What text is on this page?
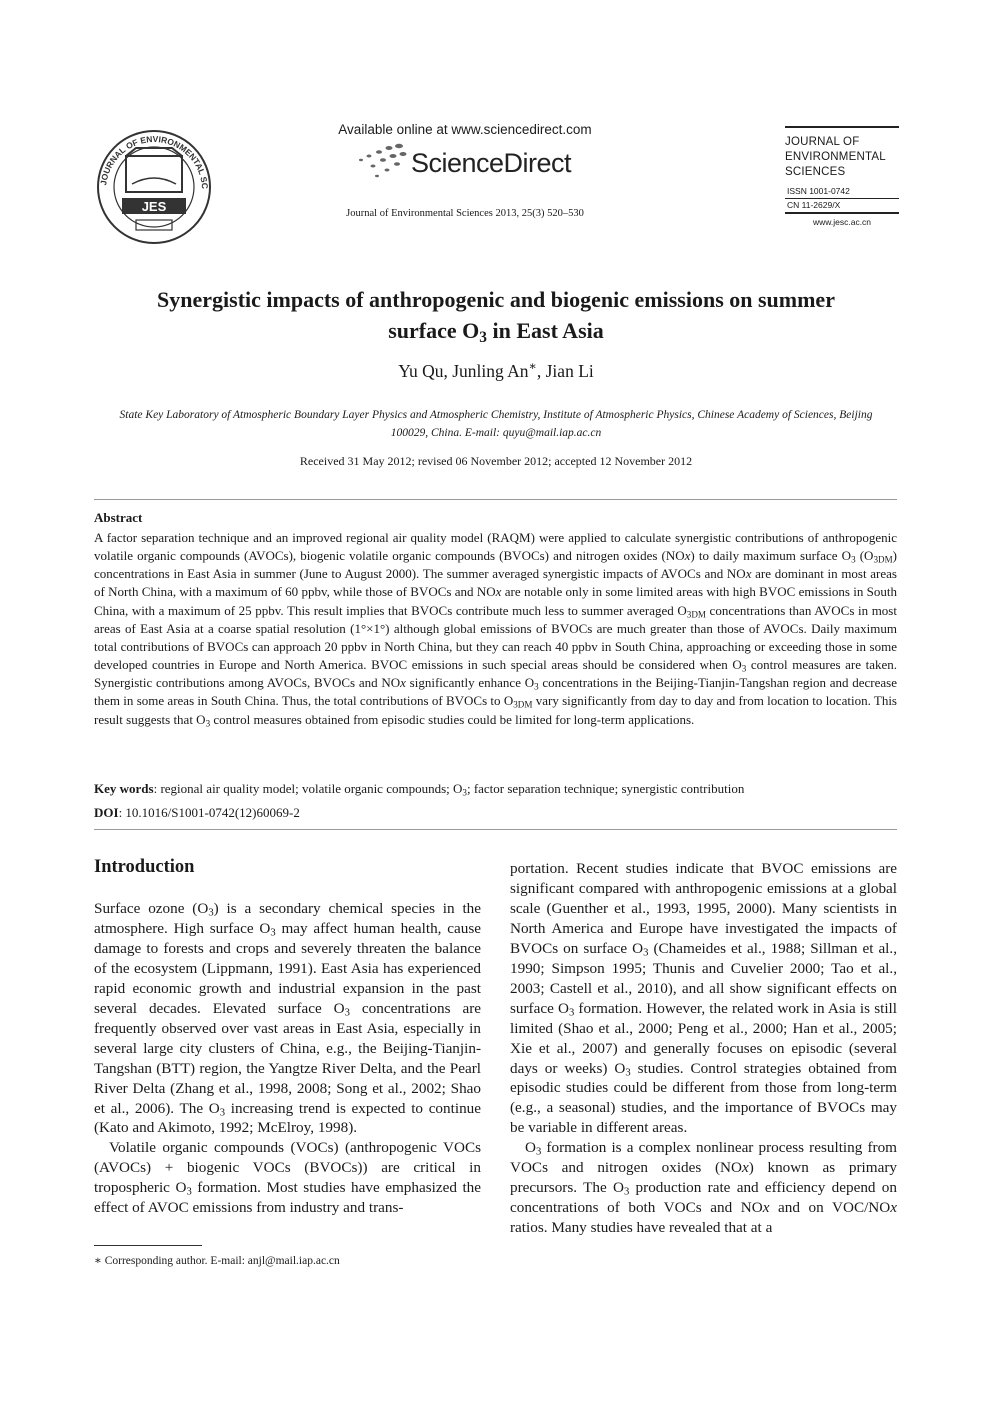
JOURNAL OF ENVIRONMENTAL SC
JES
Available online at www.sciencedirect.com
ScienceDirect
Journal of Environmental Sciences 2013, 25(3) 520–530
JOURNAL OF
ENVIRONMENTAL
SCIENCES
ISSN 1001-0742
CN 11-2629/X
www.jesc.ac.cn
Synergistic impacts of anthropogenic and biogenic emissions on summer
surface $O_3$ in East Asia
Yu Qu, Junling An∗, Jian Li
State Key Laboratory of Atmospheric Boundary Layer Physics and Atmospheric Chemistry, Institute of Atmospheric Physics, Chinese Academy of Sciences, Beijing 100029, China. E-mail: quyu@mail.iap.ac.cn
Received 31 May 2012; revised 06 November 2012; accepted 12 November 2012
Abstract
A factor separation technique and an improved regional air quality model (RAQM) were applied to calculate synergistic contributions of anthropogenic volatile organic compounds (AVOCs), biogenic volatile organic compounds (BVOCs) and nitrogen oxides (NOx) to daily maximum surface $O_3$ $(O_{3DM})$ concentrations in East Asia in summer (June to August 2000). The summer averaged synergistic impacts of AVOCs and NOx are dominant in most areas of North China, with a maximum of 60 ppbv, while those of BVOCs and NOx are notable only in some limited areas with high BVOC emissions in South China, with a maximum of 25 ppbv. This result implies that BVOCs contribute much less to summer averaged $O_{3DM}$ concentrations than AVOCs in most areas of East Asia at a coarse spatial resolution (1°×1°) although global emissions of BVOCs are much greater than those of AVOCs. Daily maximum total contributions of BVOCs can approach 20 ppbv in North China, but they can reach 40 ppbv in South China, approaching or exceeding those in some developed countries in Europe and North America. BVOC emissions in such special areas should be considered when $O_3$ control measures are taken. Synergistic contributions among AVOCs, BVOCs and NOx significantly enhance $O_3$ concentrations in the Beijing-Tianjin-Tangshan region and decrease them in some areas in South China. Thus, the total contributions of BVOCs to $O_{3DM}$ vary significantly from day to day and from location to location. This result suggests that $O_3$ control measures obtained from episodic studies could be limited for long-term applications.
Key words: regional air quality model; volatile organic compounds; $O_3$; factor separation technique; synergistic contribution
DOI: 10.1016/S1001-0742(12)60069-2
Introduction

Surface ozone $(O_3)$ is a secondary chemical species in the atmosphere. High surface $O_3$ may affect human health, cause damage to forests and crops and severely threaten the balance of the ecosystem (Lippmann, 1991). East Asia has experienced rapid economic growth and industrial expansion in the past several decades. Elevated surface $O_3$ concentrations are frequently observed over vast areas in East Asia, especially in several large city clusters of China, e.g., the Beijing-Tianjin-Tangshan (BTT) region, the Yangtze River Delta, and the Pearl River Delta (Zhang et al., 1998, 2008; Song et al., 2002; Shao et al., 2006). The $O_3$ increasing trend is expected to continue (Kato and Akimoto, 1992; McElroy, 1998).

Volatile organic compounds (VOCs) (anthropogenic VOCs (AVOCs) + biogenic VOCs (BVOCs)) are critical in tropospheric $O_3$ formation. Most studies have emphasized the effect of AVOC emissions from industry and trans-

portation. Recent studies indicate that BVOC emissions are significant compared with anthropogenic emissions at a global scale (Guenther et al., 1993, 1995, 2000). Many scientists in North America and Europe have investigated the impacts of BVOCs on surface $O_3$ (Chameides et al., 1988; Sillman et al., 1990; Simpson 1995; Thunis and Cuvelier 2000; Tao et al., 2003; Castell et al., 2010), and all show significant effects on surface $O_3$ formation. However, the related work in Asia is still limited (Shao et al., 2000; Peng et al., 2000; Han et al., 2005; Xie et al., 2007) and generally focuses on episodic (several days or weeks) $O_3$ studies. Control strategies obtained from episodic studies could be different from those from long-term (e.g., a seasonal) studies, and the importance of BVOCs may be variable in different areas.

$O_3$ formation is a complex nonlinear process resulting from VOCs and nitrogen oxides (NOx) known as primary precursors. The $O_3$ production rate and efficiency depend on concentrations of both VOCs and NOx and on VOC/NOx ratios. Many studies have revealed that at a

∗ Corresponding author. E-mail: anjl@mail.iap.ac.cn
